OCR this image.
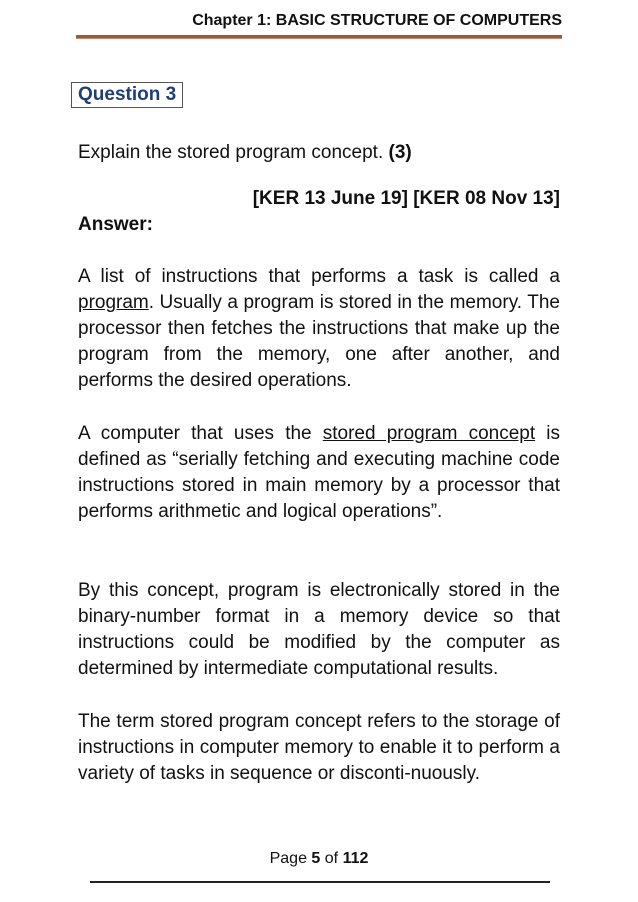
Chapter 1: BASIC STRUCTURE OF COMPUTERS
Question 3
Explain the stored program concept. (3)
[KER 13 June 19] [KER 08 Nov 13]
Answer:

A list of instructions that performs a task is called a program. Usually a program is stored in the memory. The processor then fetches the instructions that make up the program from the memory, one after another, and performs the desired operations.

A computer that uses the stored program concept is defined as “serially fetching and executing machine code instructions stored in main memory by a processor that performs arithmetic and logical operations”.

By this concept, program is electronically stored in the binary-number format in a memory device so that instructions could be modified by the computer as determined by intermediate computational results.

The term stored program concept refers to the storage of instructions in computer memory to enable it to perform a variety of tasks in sequence or disconti-nuously.

Page 5 of 112
